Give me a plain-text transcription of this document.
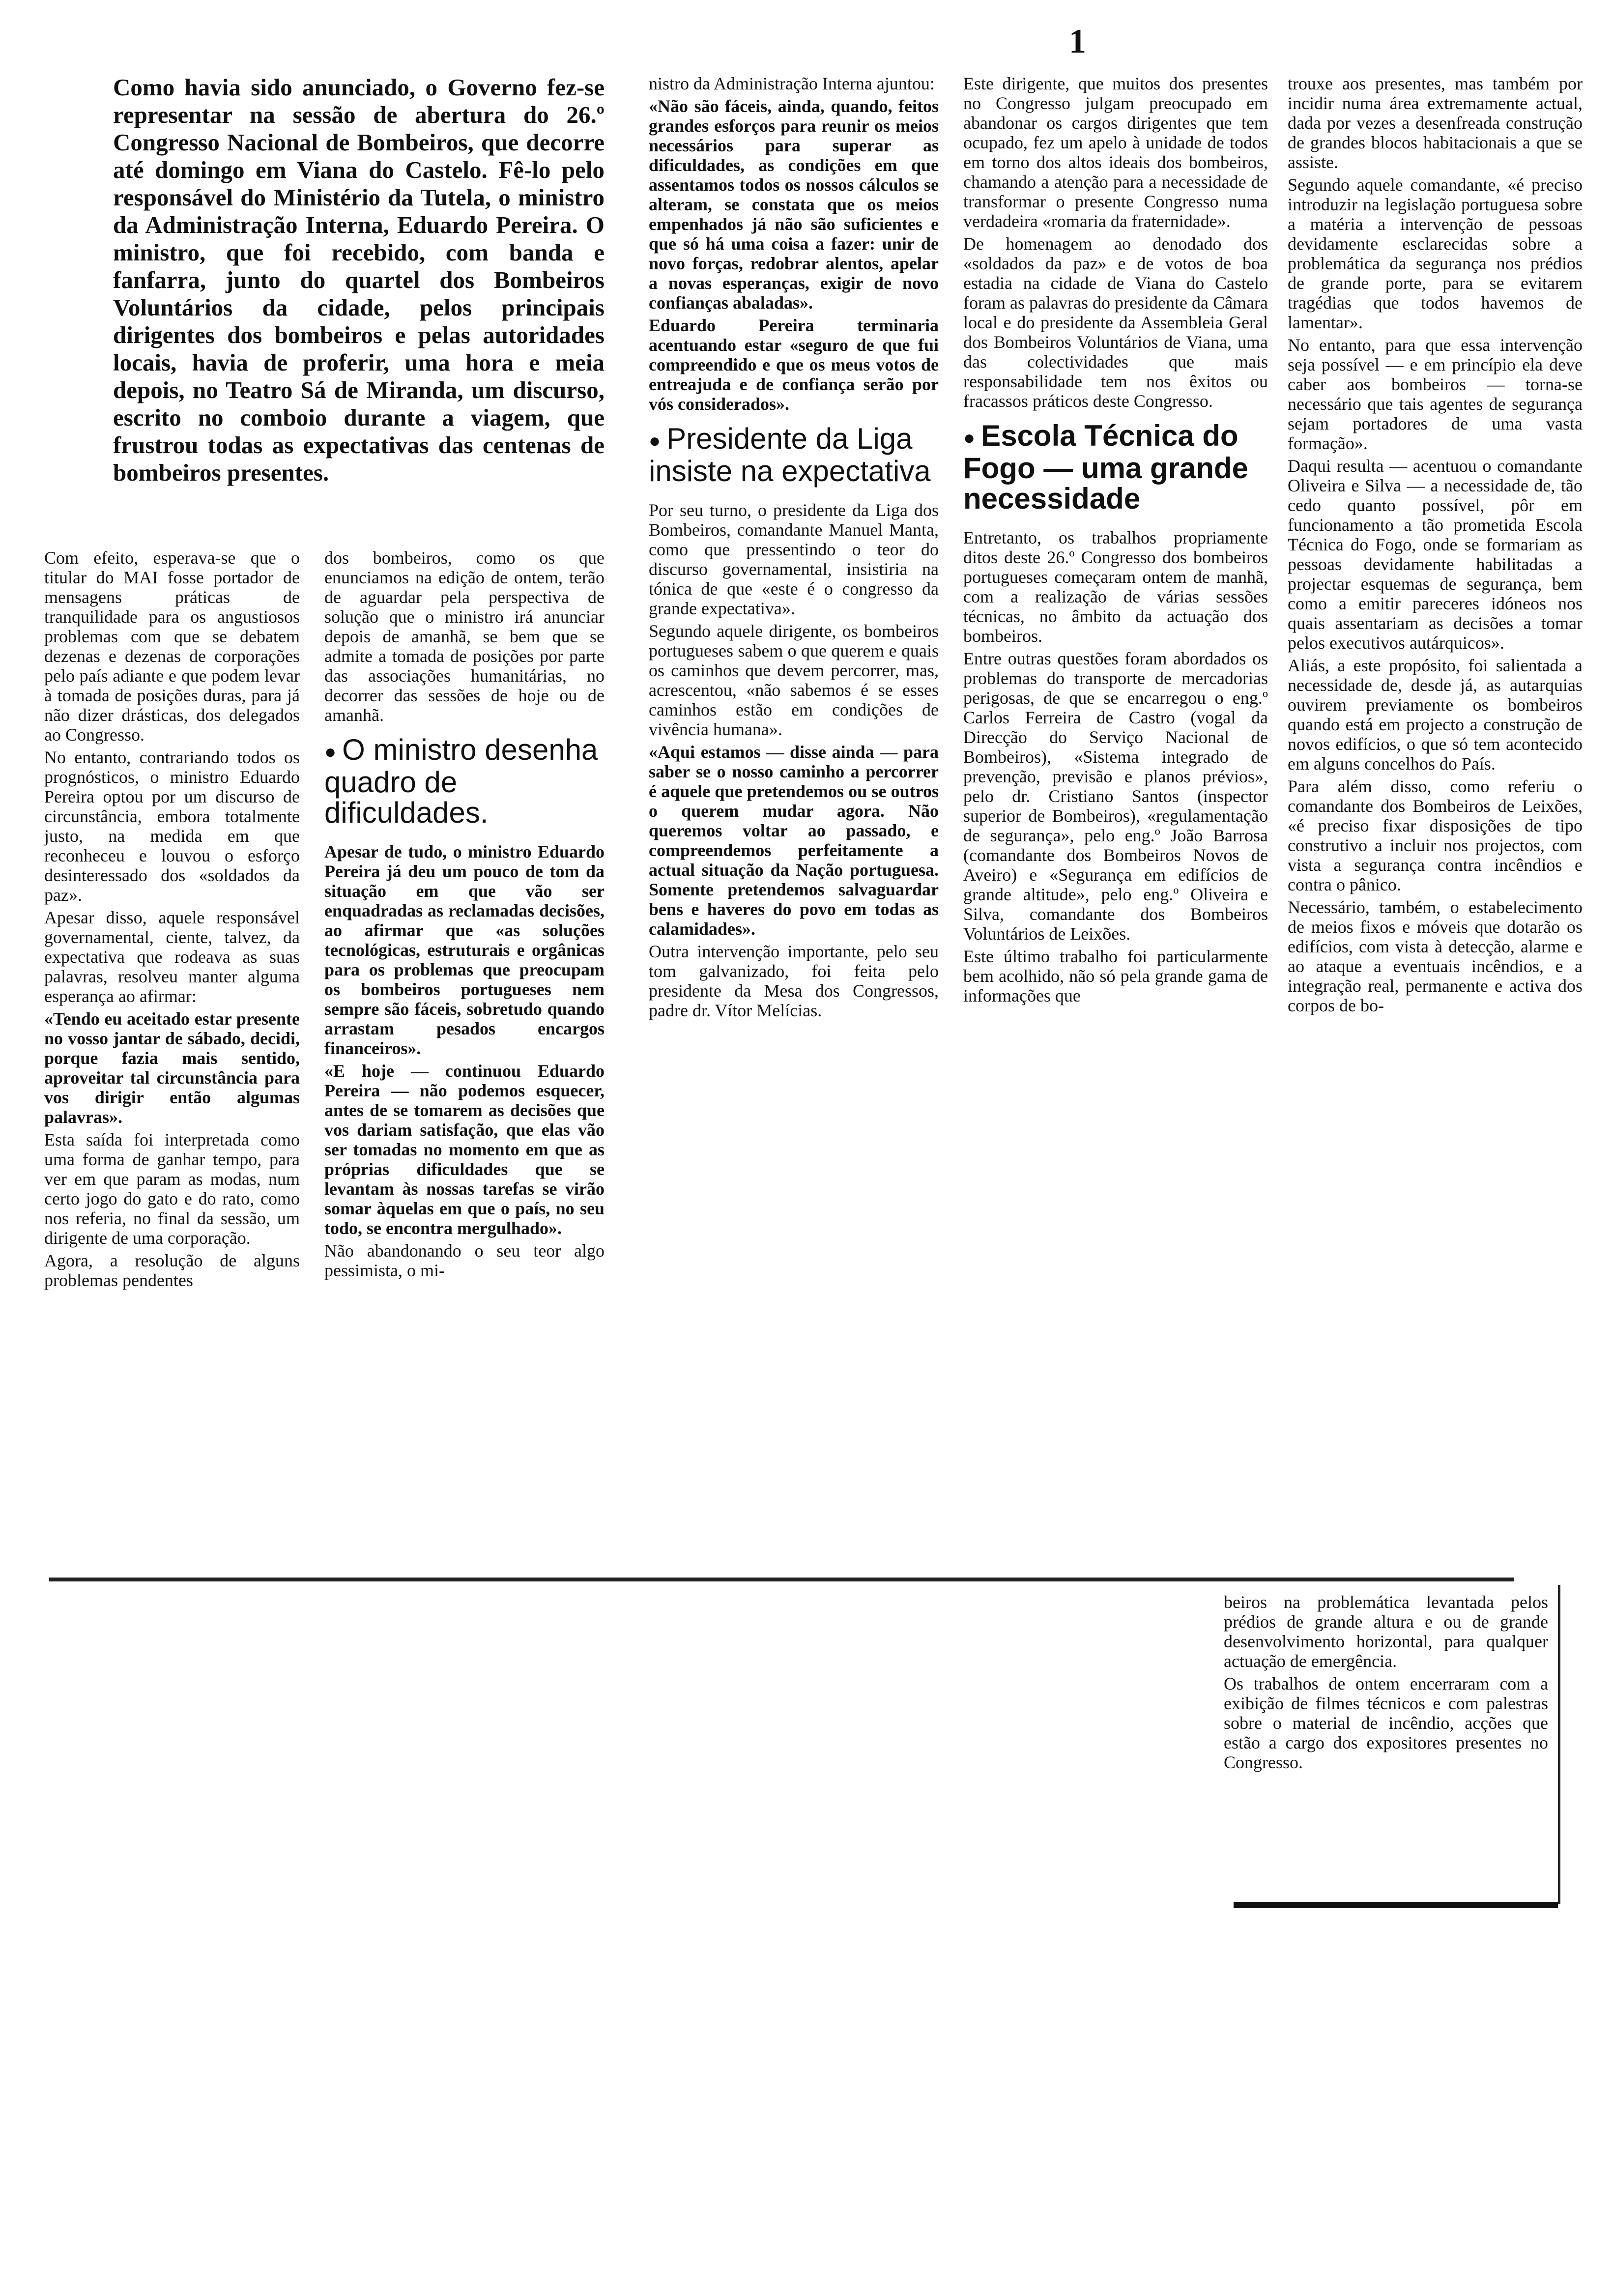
1

Como havia sido anunciado, o Governo fez-se representar na sessão de abertura do 26.º Congresso Nacional de Bombeiros, que decorre até domingo em Viana do Castelo. Fê-lo pelo responsável do Ministério da Tutela, o ministro da Administração Interna, Eduardo Pereira. O ministro, que foi recebido, com banda e fanfarra, junto do quartel dos Bombeiros Voluntários da cidade, pelos principais dirigentes dos bombeiros e pelas autoridades locais, havia de proferir, uma hora e meia depois, no Teatro Sá de Miranda, um discurso, escrito no comboio durante a viagem, que frustrou todas as expectativas das centenas de bombeiros presentes.

Com efeito, esperava-se que o titular do MAI fosse portador de mensagens práticas de tranquilidade para os angustiosos problemas com que se debatem dezenas e dezenas de corporações pelo país adiante e que podem levar à tomada de posições duras, para já não dizer drásticas, dos delegados ao Congresso.

No entanto, contrariando todos os prognósticos, o ministro Eduardo Pereira optou por um discurso de circunstância, embora totalmente justo, na medida em que reconheceu e louvou o esforço desinteressado dos «soldados da paz».

Apesar disso, aquele responsável governamental, ciente, talvez, da expectativa que rodeava as suas palavras, resolveu manter alguma esperança ao afirmar:

«Tendo eu aceitado estar presente no vosso jantar de sábado, decidi, porque fazia mais sentido, aproveitar tal circunstância para vos dirigir então algumas palavras».

Esta saída foi interpretada como uma forma de ganhar tempo, para ver em que param as modas, num certo jogo do gato e do rato, como nos referia, no final da sessão, um dirigente de uma corporação.

Agora, a resolução de alguns problemas pendentes

dos bombeiros, como os que enunciamos na edição de ontem, terão de aguardar pela perspectiva de solução que o ministro irá anunciar depois de amanhã, se bem que se admite a tomada de posições por parte das associações humanitárias, no decorrer das sessões de hoje ou de amanhã.

● O ministro desenha quadro de dificuldades.

Apesar de tudo, o ministro Eduardo Pereira já deu um pouco de tom da situação em que vão ser enquadradas as reclamadas decisões, ao afirmar que «as soluções tecnológicas, estruturais e orgânicas para os problemas que preocupam os bombeiros portugueses nem sempre são fáceis, sobretudo quando arrastam pesados encargos financeiros».

«E hoje — continuou Eduardo Pereira — não podemos esquecer, antes de se tomarem as decisões que vos dariam satisfação, que elas vão ser tomadas no momento em que as próprias dificuldades que se levantam às nossas tarefas se virão somar àquelas em que o país, no seu todo, se encontra mergulhado».

Não abandonando o seu teor algo pessimista, o mi-

nistro da Administração Interna ajuntou:

«Não são fáceis, ainda, quando, feitos grandes esforços para reunir os meios necessários para superar as dificuldades, as condições em que assentamos todos os nossos cálculos se alteram, se constata que os meios empenhados já não são suficientes e que só há uma coisa a fazer: unir de novo forças, redobrar alentos, apelar a novas esperanças, exigir de novo confianças abaladas».

Eduardo Pereira terminaria acentuando estar «seguro de que fui compreendido e que os meus votos de entreajuda e de confiança serão por vós considerados».

● Presidente da Liga insiste na expectativa

Por seu turno, o presidente da Liga dos Bombeiros, comandante Manuel Manta, como que pressentindo o teor do discurso governamental, insistiria na tónica de que «este é o congresso da grande expectativa».

Segundo aquele dirigente, os bombeiros portugueses sabem o que querem e quais os caminhos que devem percorrer, mas, acrescentou, «não sabemos é se esses caminhos estão em condições de vivência humana».

«Aqui estamos — disse ainda — para saber se o nosso caminho a percorrer é aquele que pretendemos ou se outros o querem mudar agora. Não queremos voltar ao passado, e compreendemos perfeitamente a actual situação da Nação portuguesa. Somente pretendemos salvaguardar bens e haveres do povo em todas as calamidades».

Outra intervenção importante, pelo seu tom galvanizado, foi feita pelo presidente da Mesa dos Congressos, padre dr. Vítor Melícias.

Este dirigente, que muitos dos presentes no Congresso julgam preocupado em abandonar os cargos dirigentes que tem ocupado, fez um apelo à unidade de todos em torno dos altos ideais dos bombeiros, chamando a atenção para a necessidade de transformar o presente Congresso numa verdadeira «romaria da fraternidade».

De homenagem ao denodado dos «soldados da paz» e de votos de boa estadia na cidade de Viana do Castelo foram as palavras do presidente da Câmara local e do presidente da Assembleia Geral dos Bombeiros Voluntários de Viana, uma das colectividades que mais responsabilidade tem nos êxitos ou fracassos práticos deste Congresso.

● Escola Técnica do Fogo — uma grande necessidade

Entretanto, os trabalhos propriamente ditos deste 26.º Congresso dos bombeiros portugueses começaram ontem de manhã, com a realização de várias sessões técnicas, no âmbito da actuação dos bombeiros.

Entre outras questões foram abordados os problemas do transporte de mercadorias perigosas, de que se encarregou o eng.º Carlos Ferreira de Castro (vogal da Direcção do Serviço Nacional de Bombeiros), «Sistema integrado de prevenção, previsão e planos prévios», pelo dr. Cristiano Santos (inspector superior de Bombeiros), «regulamentação de segurança», pelo eng.º João Barrosa (comandante dos Bombeiros Novos de Aveiro) e «Segurança em edifícios de grande altitude», pelo eng.º Oliveira e Silva, comandante dos Bombeiros Voluntários de Leixões.

Este último trabalho foi particularmente bem acolhido, não só pela grande gama de informações que

trouxe aos presentes, mas também por incidir numa área extremamente actual, dada por vezes a desenfreada construção de grandes blocos habitacionais a que se assiste.

Segundo aquele comandante, «é preciso introduzir na legislação portuguesa sobre a matéria a intervenção de pessoas devidamente esclarecidas sobre a problemática da segurança nos prédios de grande porte, para se evitarem tragédias que todos havemos de lamentar».

No entanto, para que essa intervenção seja possível — e em princípio ela deve caber aos bombeiros — torna-se necessário que tais agentes de segurança sejam portadores de uma vasta formação».

Daqui resulta — acentuou o comandante Oliveira e Silva — a necessidade de, tão cedo quanto possível, pôr em funcionamento a tão prometida Escola Técnica do Fogo, onde se formariam as pessoas devidamente habilitadas a projectar esquemas de segurança, bem como a emitir pareceres idóneos nos quais assentariam as decisões a tomar pelos executivos autárquicos».

Aliás, a este propósito, foi salientada a necessidade de, desde já, as autarquias ouvirem previamente os bombeiros quando está em projecto a construção de novos edifícios, o que só tem acontecido em alguns concelhos do País.

Para além disso, como referiu o comandante dos Bombeiros de Leixões, «é preciso fixar disposições de tipo construtivo a incluir nos projectos, com vista a segurança contra incêndios e contra o pânico.

Necessário, também, o estabelecimento de meios fixos e móveis que dotarão os edifícios, com vista à detecção, alarme e ao ataque a eventuais incêndios, e a integração real, permanente e activa dos corpos de bo-

beiros na problemática levantada pelos prédios de grande altura e ou de grande desenvolvimento horizontal, para qualquer actuação de emergência.

Os trabalhos de ontem encerraram com a exibição de filmes técnicos e com palestras sobre o material de incêndio, acções que estão a cargo dos expositores presentes no Congresso.
